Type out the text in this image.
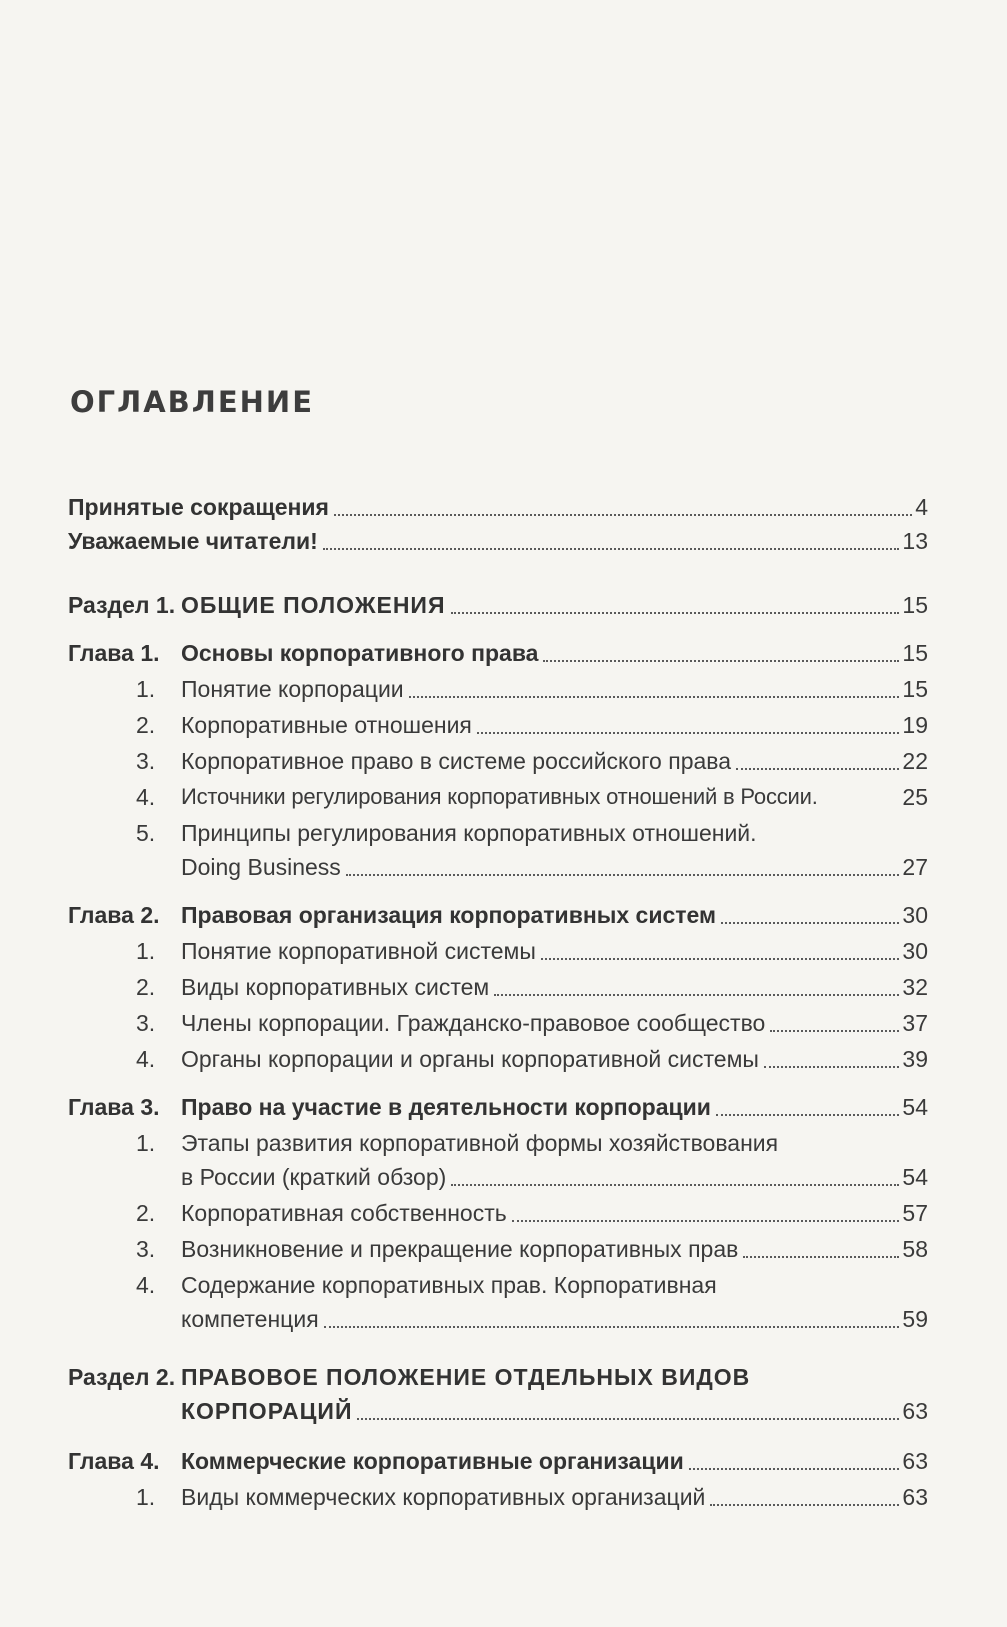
ОГЛАВЛЕНИЕ
Принятые сокращения	4
Уважаемые читатели!	13
Раздел 1. ОБЩИЕ ПОЛОЖЕНИЯ	15
Глава 1. Основы корпоративного права	15
1. Понятие корпорации	15
2. Корпоративные отношения	19
3. Корпоративное право в системе российского права	22
4. Источники регулирования корпоративных отношений в России.	25
5. Принципы регулирования корпоративных отношений.
Doing Business	27
Глава 2. Правовая организация корпоративных систем	30
1. Понятие корпоративной системы	30
2. Виды корпоративных систем	32
3. Члены корпорации. Гражданско-правовое сообщество	37
4. Органы корпорации и органы корпоративной системы	39
Глава 3. Право на участие в деятельности корпорации	54
1. Этапы развития корпоративной формы хозяйствования
в России (краткий обзор)	54
2. Корпоративная собственность	57
3. Возникновение и прекращение корпоративных прав	58
4. Содержание корпоративных прав. Корпоративная
компетенция	59
Раздел 2. ПРАВОВОЕ ПОЛОЖЕНИЕ ОТДЕЛЬНЫХ ВИДОВ
КОРПОРАЦИЙ	63
Глава 4. Коммерческие корпоративные организации	63
1. Виды коммерческих корпоративных организаций	63
